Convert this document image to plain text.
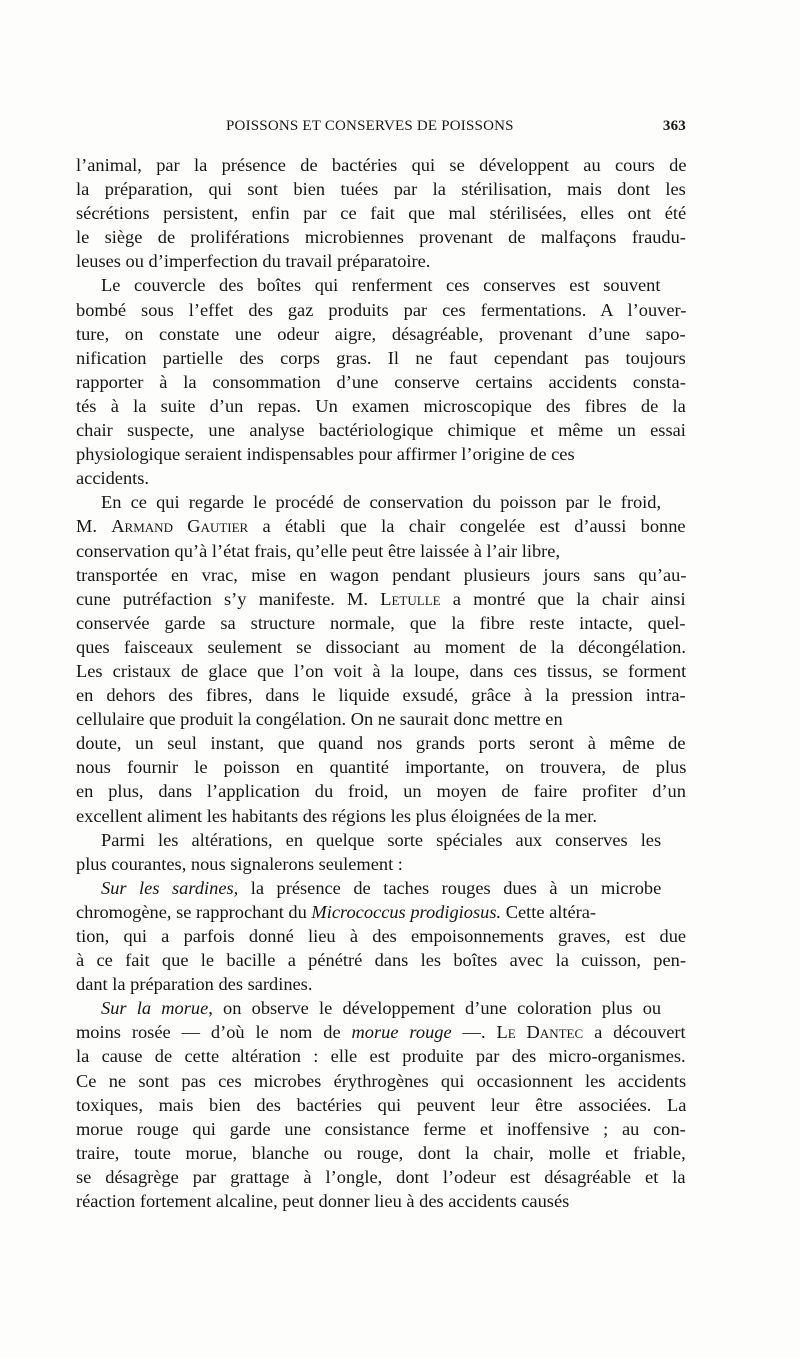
POISSONS ET CONSERVES DE POISSONS	363

l’animal, par la présence de bactéries qui se développent au cours de
la préparation, qui sont bien tuées par la stérilisation, mais dont les
sécrétions persistent, enfin par ce fait que mal stérilisées, elles ont été
le siège de proliférations microbiennes provenant de malfaçons fraudu-
leuses ou d’imperfection du travail préparatoire.

Le couvercle des boîtes qui renferment ces conserves est souvent
bombé sous l’effet des gaz produits par ces fermentations. A l’ouver-
ture, on constate une odeur aigre, désagréable, provenant d’une sapo-
nification partielle des corps gras. Il ne faut cependant pas toujours
rapporter à la consommation d’une conserve certains accidents consta-
tés à la suite d’un repas. Un examen microscopique des fibres de la
chair suspecte, une analyse bactériologique chimique et même un essai
physiologique seraient indispensables pour affirmer l’origine de ces
accidents.

En ce qui regarde le procédé de conservation du poisson par le froid,
M. Armand Gautier a établi que la chair congelée est d’aussi bonne
conservation qu’à l’état frais, qu’elle peut être laissée à l’air libre,
transportée en vrac, mise en wagon pendant plusieurs jours sans qu’au-
cune putréfaction s’y manifeste. M. Letulle a montré que la chair ainsi
conservée garde sa structure normale, que la fibre reste intacte, quel-
ques faisceaux seulement se dissociant au moment de la décongélation.
Les cristaux de glace que l’on voit à la loupe, dans ces tissus, se forment
en dehors des fibres, dans le liquide exsudé, grâce à la pression intra-
cellulaire que produit la congélation. On ne saurait donc mettre en
doute, un seul instant, que quand nos grands ports seront à même de
nous fournir le poisson en quantité importante, on trouvera, de plus
en plus, dans l’application du froid, un moyen de faire profiter d’un
excellent aliment les habitants des régions les plus éloignées de la mer.

Parmi les altérations, en quelque sorte spéciales aux conserves les
plus courantes, nous signalerons seulement :

Sur les sardines, la présence de taches rouges dues à un microbe
chromogène, se rapprochant du Micrococcus prodigiosus. Cette altéra-
tion, qui a parfois donné lieu à des empoisonnements graves, est due
à ce fait que le bacille a pénétré dans les boîtes avec la cuisson, pen-
dant la préparation des sardines.

Sur la morue, on observe le développement d’une coloration plus ou
moins rosée — d’où le nom de morue rouge —. Le Dantec a découvert
la cause de cette altération : elle est produite par des micro-organismes.
Ce ne sont pas ces microbes érythrogènes qui occasionnent les accidents
toxiques, mais bien des bactéries qui peuvent leur être associées. La
morue rouge qui garde une consistance ferme et inoffensive ; au con-
traire, toute morue, blanche ou rouge, dont la chair, molle et friable,
se désagrège par grattage à l’ongle, dont l’odeur est désagréable et la
réaction fortement alcaline, peut donner lieu à des accidents causés
